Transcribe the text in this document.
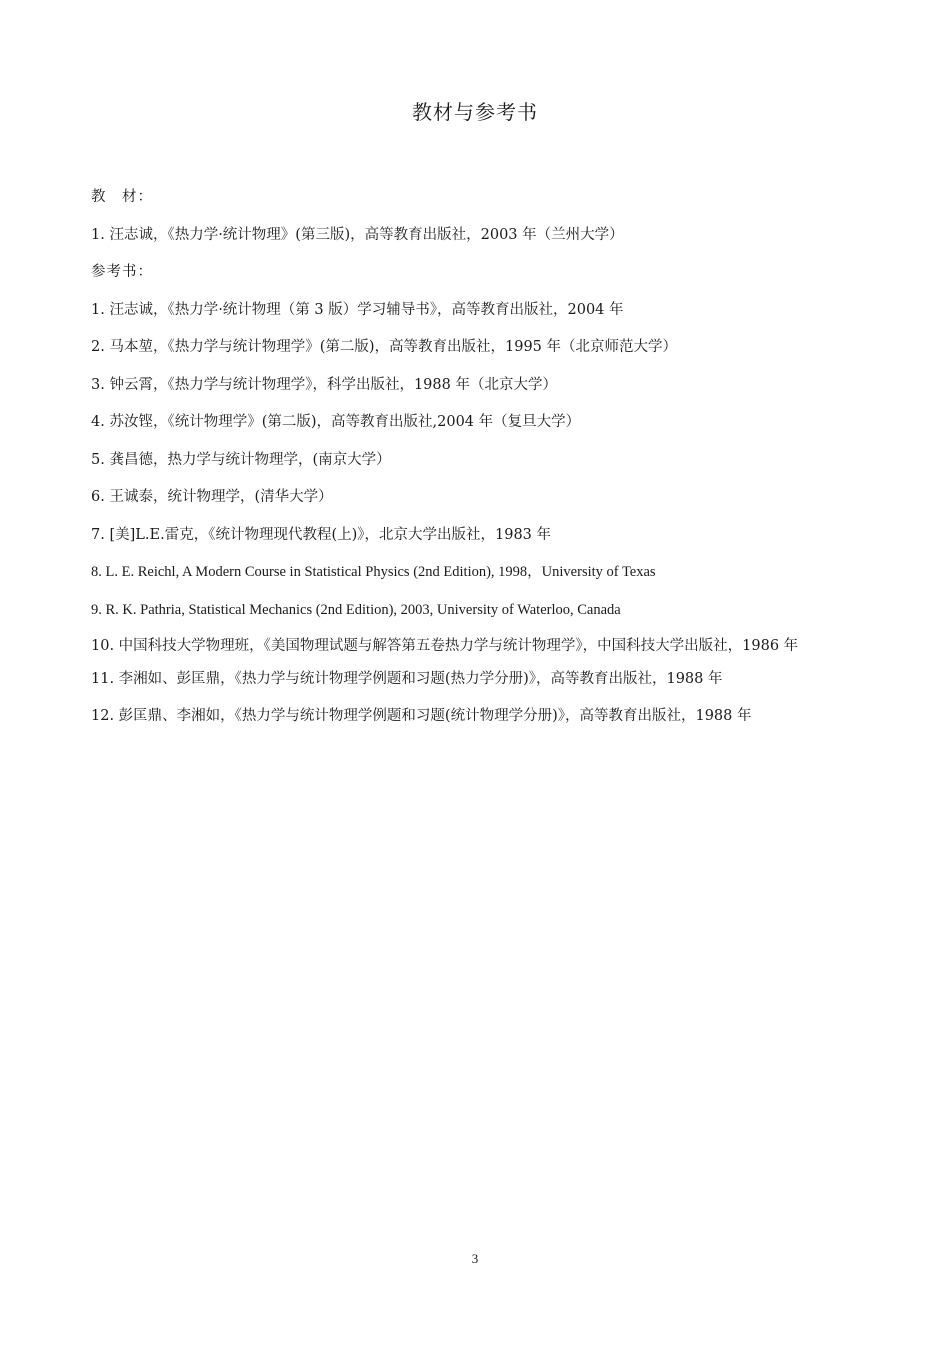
教材与参考书
教　材：
1. 汪志诚，《热力学·统计物理》(第三版)，高等教育出版社，2003 年（兰州大学）
参考书：
1. 汪志诚，《热力学·统计物理（第 3 版）学习辅导书》，高等教育出版社，2004 年
2. 马本堃，《热力学与统计物理学》(第二版)，高等教育出版社，1995 年（北京师范大学）
3. 钟云霄，《热力学与统计物理学》，科学出版社，1988 年（北京大学）
4. 苏汝铿，《统计物理学》(第二版)，高等教育出版社,2004 年（复旦大学）
5. 龚昌德，热力学与统计物理学，(南京大学）
6. 王诚泰，统计物理学，(清华大学）
7. [美]L.E.雷克，《统计物理现代教程(上)》，北京大学出版社，1983 年
8. L. E. Reichl, A Modern Course in Statistical Physics (2nd Edition), 1998，University of Texas
9. R. K. Pathria, Statistical Mechanics (2nd Edition), 2003, University of Waterloo, Canada
10. 中国科技大学物理班，《美国物理试题与解答第五卷热力学与统计物理学》，中国科技大学出版社，1986 年
11. 李湘如、彭匡鼎，《热力学与统计物理学例题和习题(热力学分册)》，高等教育出版社，1988 年
12. 彭匡鼎、李湘如，《热力学与统计物理学例题和习题(统计物理学分册)》，高等教育出版社，1988 年
3
